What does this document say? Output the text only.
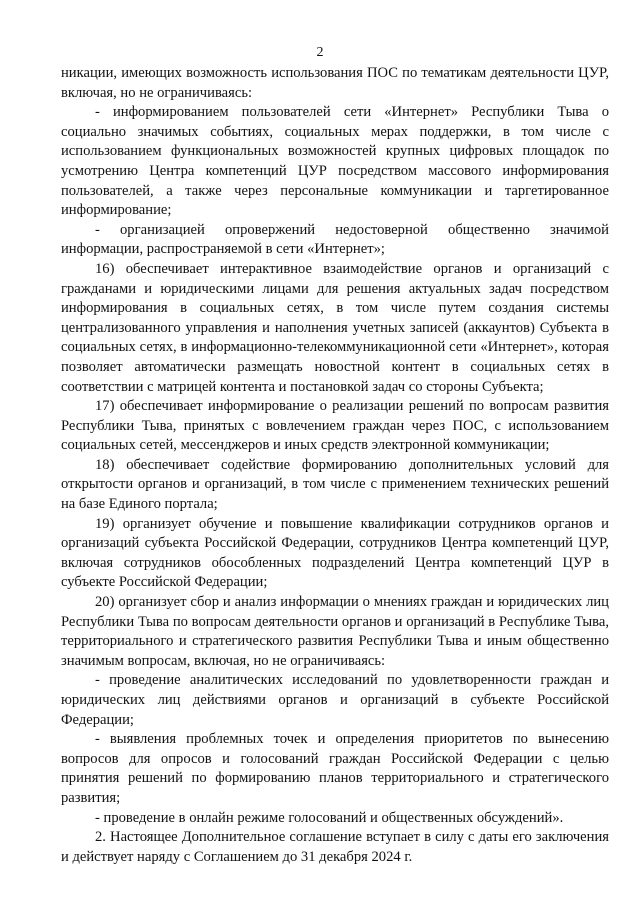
2

никации, имеющих возможность использования ПОС по тематикам деятельности ЦУР, включая, но не ограничиваясь:

- информированием пользователей сети «Интернет» Республики Тыва о социально значимых событиях, социальных мерах поддержки, в том числе с использованием функциональных возможностей крупных цифровых площадок по усмотрению Центра компетенций ЦУР посредством массового информирования пользователей, а также через персональные коммуникации и таргетированное информирование;

- организацией опровержений недостоверной общественно значимой информации, распространяемой в сети «Интернет»;

16) обеспечивает интерактивное взаимодействие органов и организаций с гражданами и юридическими лицами для решения актуальных задач посредством информирования в социальных сетях, в том числе путем создания системы централизованного управления и наполнения учетных записей (аккаунтов) Субъекта в социальных сетях, в информационно-телекоммуникационной сети «Интернет», которая позволяет автоматически размещать новостной контент в социальных сетях в соответствии с матрицей контента и постановкой задач со стороны Субъекта;

17) обеспечивает информирование о реализации решений по вопросам развития Республики Тыва, принятых с вовлечением граждан через ПОС, с использованием социальных сетей, мессенджеров и иных средств электронной коммуникации;

18) обеспечивает содействие формированию дополнительных условий для открытости органов и организаций, в том числе с применением технических решений на базе Единого портала;

19) организует обучение и повышение квалификации сотрудников органов и организаций субъекта Российской Федерации, сотрудников Центра компетенций ЦУР, включая сотрудников обособленных подразделений Центра компетенций ЦУР в субъекте Российской Федерации;

20) организует сбор и анализ информации о мнениях граждан и юридических лиц Республики Тыва по вопросам деятельности органов и организаций в Республике Тыва, территориального и стратегического развития Республики Тыва и иным общественно значимым вопросам, включая, но не ограничиваясь:

- проведение аналитических исследований по удовлетворенности граждан и юридических лиц действиями органов и организаций в субъекте Российской Федерации;

- выявления проблемных точек и определения приоритетов по вынесению вопросов для опросов и голосований граждан Российской Федерации с целью принятия решений по формированию планов территориального и стратегического развития;

- проведение в онлайн режиме голосований и общественных обсуждений».

2. Настоящее Дополнительное соглашение вступает в силу с даты его заключения и действует наряду с Соглашением до 31 декабря 2024 г.
